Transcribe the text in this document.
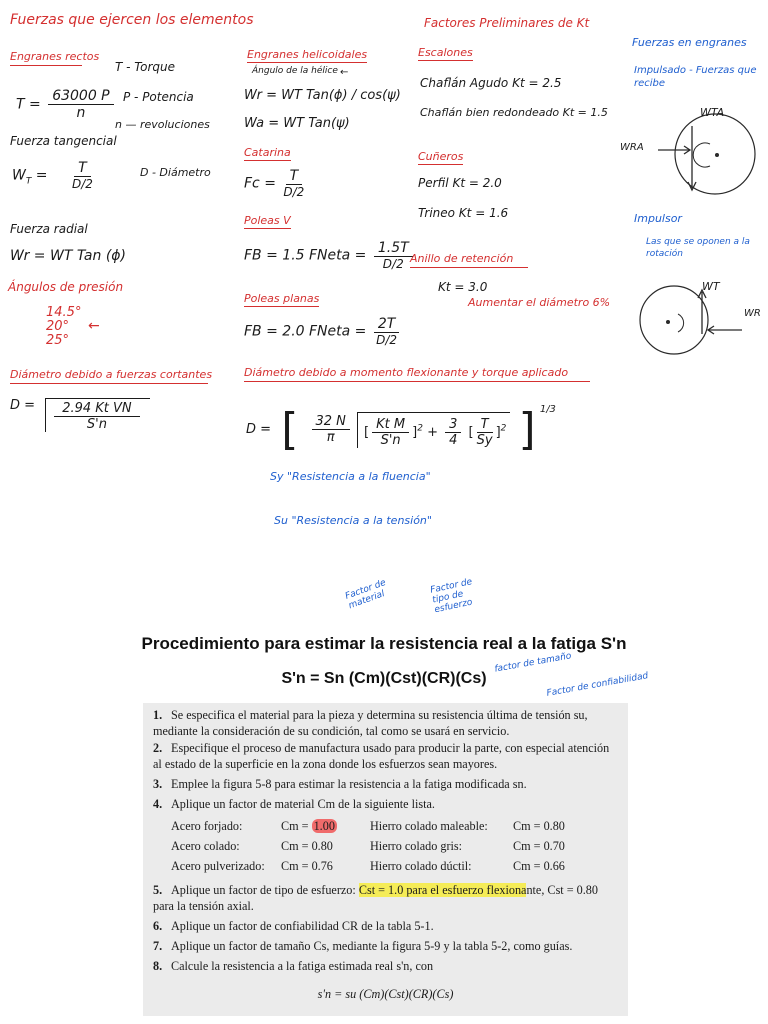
Fuerzas que ejercen los elementos
Engranes rectos
T - Torque
$T = \frac{63000 P}{n}$ P - Potencia
n — revoluciones
Fuerza tangencial
$W_T = \frac{T}{D/2}$	D - Diámetro
Fuerza radial
Wr = WT Tan (ϕ)
Ángulos de presión
14.5°
20°
25°
←
Diámetro debido a fuerzas cortantes
$D = \frac{\text{2.94 Kt VN}}{S'n}$
Engranes helicoidales
Ángulo de la hélice ←
Wr = WT Tan(ϕ) / cos(ψ)
Wa = WT Tan(ψ)
Catarina
$Fc = \frac{T}{D/2}$
Poleas V
FB = 1.5 FNeta = $\frac{1.5T}{D/2}$
Poleas planas
FB = 2.0 FNeta = $\frac{2T}{D/2}$
Diámetro debido a momento flexionante y torque aplicado
D = [ $\frac{32 N}{\pi}$ [ $\frac{\text{Kt M}}{S'n} ]^2 + \frac{3}{4}$ [ $\frac{T}{Sy} ]^2$ ] $^{1/3}$
Sy "Resistencia a la fluencia"
Su "Resistencia a la tensión"
Factores Preliminares de Kt
Escalones
Chaflán Agudo Kt = 2.5
Chaflán bien redondeado Kt = 1.5
Cuñeros
Perfil Kt = 2.0
Trineo Kt = 1.6
Anillo de retención
Kt = 3.0
Aumentar el diámetro 6%
Fuerzas en engranes
Impulsado - Fuerzas que recibe
WTA
WRA
Impulsor
Las que se oponen a la rotación
WT
WR
Factor de material
Factor de tipo de esfuerzo
Procedimiento para estimar la resistencia real a la fatiga S'n
S'n = Sn (Cm)(Cst)(CR)(Cs)
factor de tamaño
Factor de confiabilidad
1. Se especifica el material para la pieza y determina su resistencia última de tensión su, mediante la consideración de su condición, tal como se usará en servicio.
2. Especifique el proceso de manufactura usado para producir la parte, con especial atención al estado de la superficie en la zona donde los esfuerzos sean mayores.
3. Emplee la figura 5-8 para estimar la resistencia a la fatiga modificada sn.
4. Aplique un factor de material Cm de la siguiente lista.
Acero forjado:	Cm = 1.00	Hierro colado maleable: Cm = 0.80
Acero colado:	Cm = 0.80	Hierro colado gris:	Cm = 0.70
Acero pulverizado: Cm = 0.76	Hierro colado dúctil:	Cm = 0.66
5. Aplique un factor de tipo de esfuerzo: Cst = 1.0 para el esfuerzo flexionante, Cst = 0.80 para la tensión axial.
6. Aplique un factor de confiabilidad CR de la tabla 5-1.
7. Aplique un factor de tamaño Cs, mediante la figura 5-9 y la tabla 5-2, como guías.
8. Calcule la resistencia a la fatiga estimada real s'n, con
s'n = su (Cm)(Cst)(CR)(Cs)
